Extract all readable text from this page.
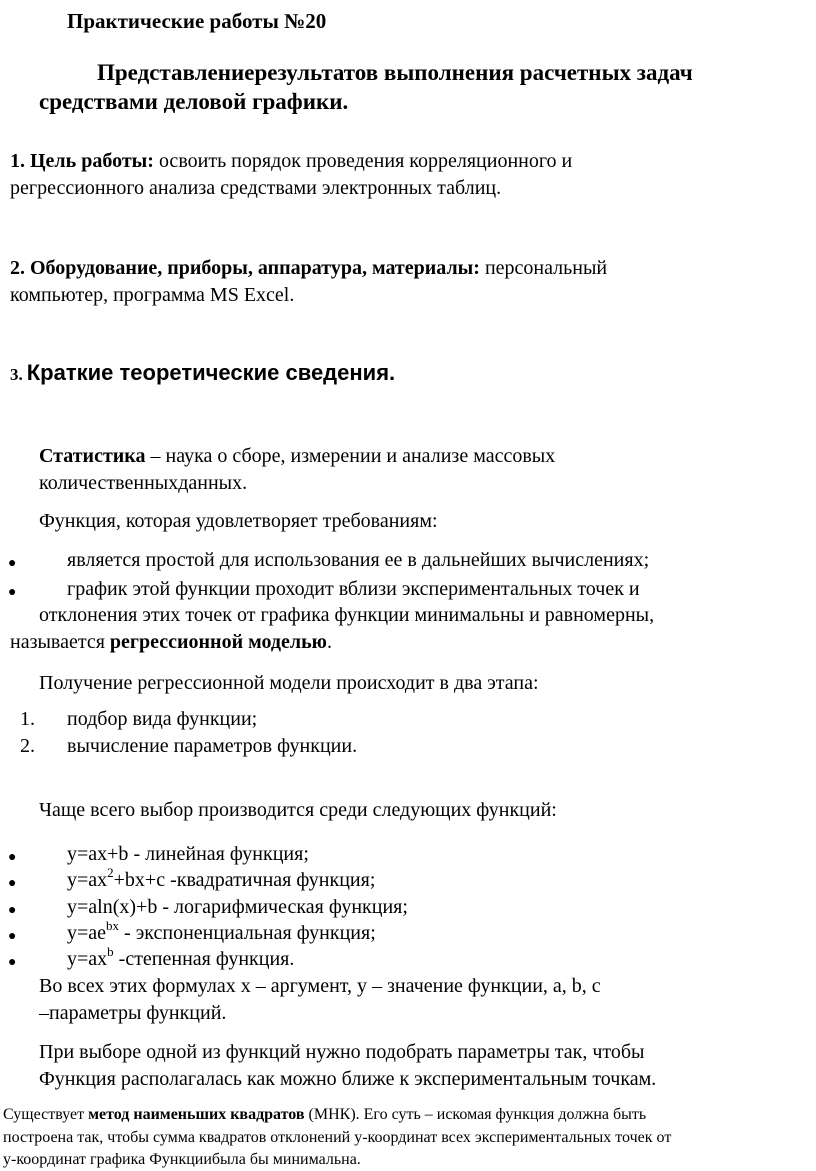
Практические работы №20
Представлениерезультатов выполнения расчетных задач
средствами деловой графики.
1. Цель работы: освоить порядок проведения корреляционного и
регрессионного анализа средствами электронных таблиц.
2. Оборудование, приборы, аппаратура, материалы: персональный
компьютер, программа MS Excel.
3. Краткие теоретические сведения.
Статистика – наука о сборе, измерении и анализе массовых
количественныхданных.
Функция, которая удовлетворяет требованиям:
●	является простой для использования ее в дальнейших вычислениях;
●	график этой функции проходит вблизи экспериментальных точек и
отклонения этих точек от графика функции минимальны и равномерны,
называется регрессионной моделью.
Получение регрессионной модели происходит в два этапа:
1. подбор вида функции;
2. вычисление параметров функции.
Чаще всего выбор производится среди следующих функций:
●	y=ax+b - линейная функция;
●	$y=ax^2+bx+c$ -квадратичная функция;
●	y=aln(x)+b - логарифмическая функция;
●	$y=ae^{bx}$ - экспоненциальная функция;
●	$y=ax^b$ -степенная функция.
Во всех этих формулах x – аргумент, y – значение функции, a, b, c
–параметры функций.
При выборе одной из функций нужно подобрать параметры так, чтобы
Функция располагалась как можно ближе к экспериментальным точкам.
Существует метод наименьших квадратов (МНК). Его суть – искомая функция должна быть
построена так, чтобы сумма квадратов отклонений y-координат всех экспериментальных точек от
y-координат графика Функциибыла бы минимальна.
